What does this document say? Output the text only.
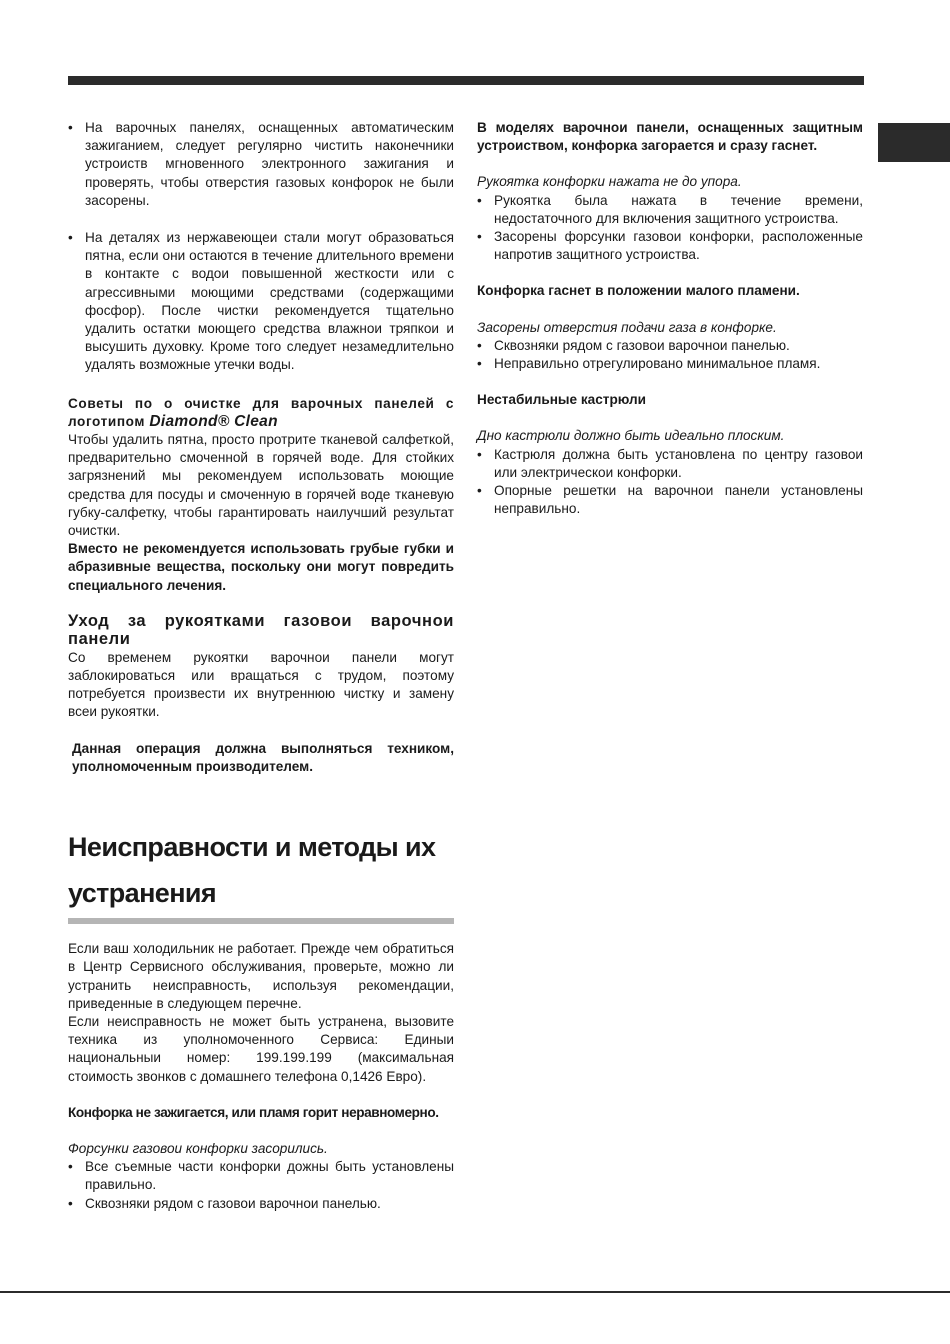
• На варочных панелях, оснащенных автоматическим зажиганием, следует регулярно чистить наконечники устроиств мгновенного электронного зажигания и проверять, чтобы отверстия газовых конфорок не были засорены.
• На деталях из нержавеющеи стали могут образоваться пятна, если они остаются в течение длительного времени в контакте с водои повышенной жесткости или с агрессивными моющими средствами (содержащими фосфор). После чистки рекомендуется тщательно удалить остатки моющего средства влажнои тряпкои и высушить духовку. Кроме того следует незамедлительно удалять возможные утечки воды.

Советы по о очистке для варочных панелей с логотипом Diamond® Clean

Чтобы удалить пятна, просто протрите тканевой салфеткой, предварительно смоченной в горячей воде. Для стойких загрязнений мы рекомендуем использовать моющие средства для посуды и смоченную в горячей воде тканевую губку-салфетку, чтобы гарантировать наилучший результат очистки.

Вместо не рекомендуется использовать грубые губки и абразивные вещества, поскольку они могут повредить специального лечения.

Уход за рукоятками газовои варочнои панели

Со временем рукоятки варочнои панели могут заблокироваться или вращаться с трудом, поэтому потребуется произвести их внутреннюю чистку и замену всеи рукоятки.

Данная операция должна выполняться техником, уполномоченным производителем.

Неисправности и методы их устранения

Если ваш холодильник не работает. Прежде чем обратиться в Центр Сервисного обслуживания, проверьте, можно ли устранить неисправность, используя рекомендации, приведенные в следующем перечне.

Если неисправность не может быть устранена, вызовите техника из уполномоченного Сервиса: Единыи национальныи номер: 199.199.199 (максимальная стоимость звонков с домашнего телефона 0,1426 Евро).

Конфорка не зажигается, или пламя горит неравномерно.

Форсунки газовои конфорки засорились.

• Все съемные части конфорки дожны быть установлены правильно.
• Сквозняки рядом с газовои варочнои панелью.

В моделях варочнои панели, оснащенных защитным устроиством, конфорка загорается и сразу гаснет.

Рукоятка конфорки нажата не до упора.

• Рукоятка была нажата в течение времени, недостаточного для включения защитного устроиства.
• Засорены форсунки газовои конфорки, расположенные напротив защитного устроиства.

Конфорка гаснет в положении малого пламени.

Засорены отверстия подачи газа в конфорке.

• Сквозняки рядом с газовои варочнои панелью.
• Неправильно отрегулировано минимальное пламя.

Нестабильные кастрюли

Дно кастрюли должно быть идеально плоским.

• Кастрюля должна быть установлена по центру газовои или электрическои конфорки.
• Опорные решетки на варочнои панели установлены неправильно.
